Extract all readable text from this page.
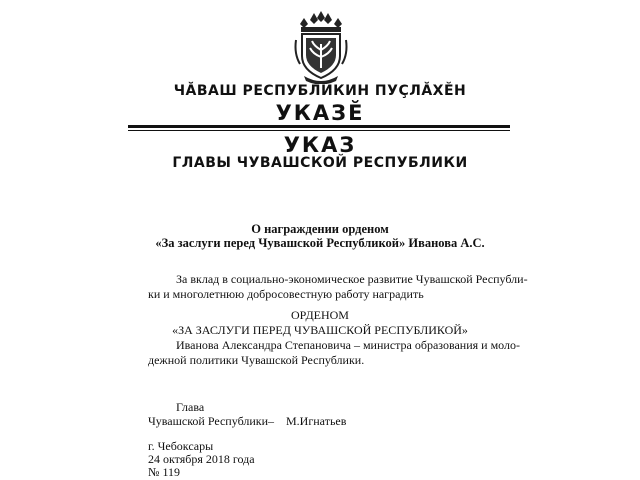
ЧĂВАШ РЕСПУБЛИКИН ПУÇЛĂХĔН
УКАЗĔ
УКАЗ
ГЛАВЫ ЧУВАШСКОЙ РЕСПУБЛИКИ
О награждении орденом
«За заслуги перед Чувашской Республикой» Иванова А.С.
За вклад в социально-экономическое развитие Чувашской Республи-
ки и многолетнюю добросовестную работу наградить
ОРДЕНОМ
«ЗА ЗАСЛУГИ ПЕРЕД ЧУВАШСКОЙ РЕСПУБЛИКОЙ»
Иванова Александра Степановича – министра образования и моло-
дежной политики Чувашской Республики.
Глава
Чувашской Республики – М.Игнатьев
г. Чебоксары
24 октября 2018 года
№ 119
